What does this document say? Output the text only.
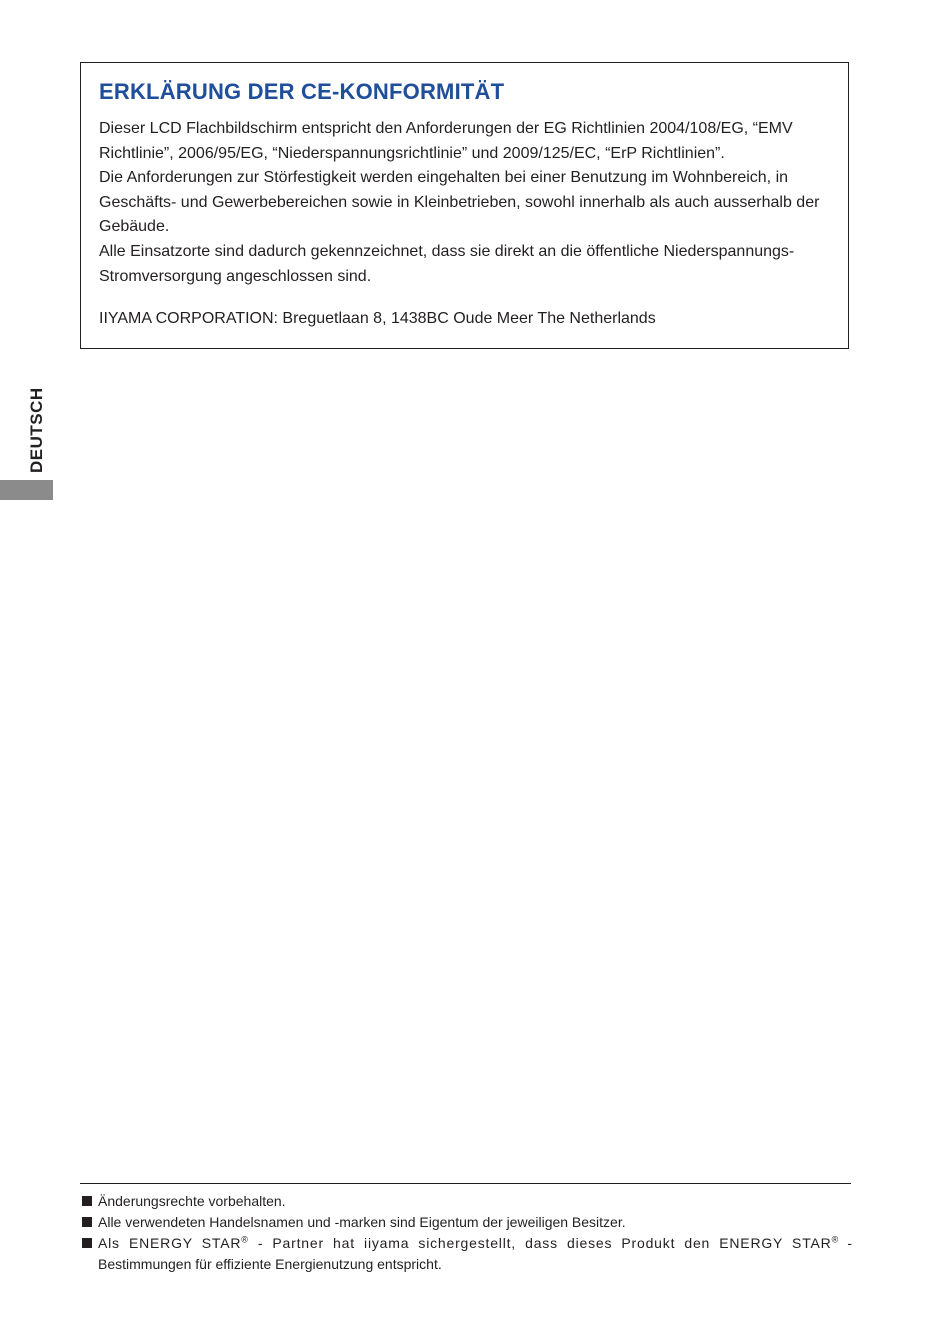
ERKLÄRUNG DER CE-KONFORMITÄT

Dieser LCD Flachbildschirm entspricht den Anforderungen der EG Richtlinien 2004/108/EG, “EMV Richtlinie”, 2006/95/EG, “Niederspannungsrichtlinie” und 2009/125/EC, “ErP Richtlinien”.

Die Anforderungen zur Störfestigkeit werden eingehalten bei einer Benutzung im Wohnbereich, in Geschäfts- und Gewerbebereichen sowie in Kleinbetrieben, sowohl innerhalb als auch ausserhalb der Gebäude.

Alle Einsatzorte sind dadurch gekennzeichnet, dass sie direkt an die öffentliche Niederspannungs-Stromversorgung angeschlossen sind.

IIYAMA CORPORATION: Breguetlaan 8, 1438BC Oude Meer The Netherlands

DEUTSCH
Änderungsrechte vorbehalten.
Alle verwendeten Handelsnamen und -marken sind Eigentum der jeweiligen Besitzer.
Als ENERGY STAR® - Partner hat iiyama sichergestellt, dass dieses Produkt den ENERGY STAR® - Bestimmungen für effiziente Energienutzung entspricht.
